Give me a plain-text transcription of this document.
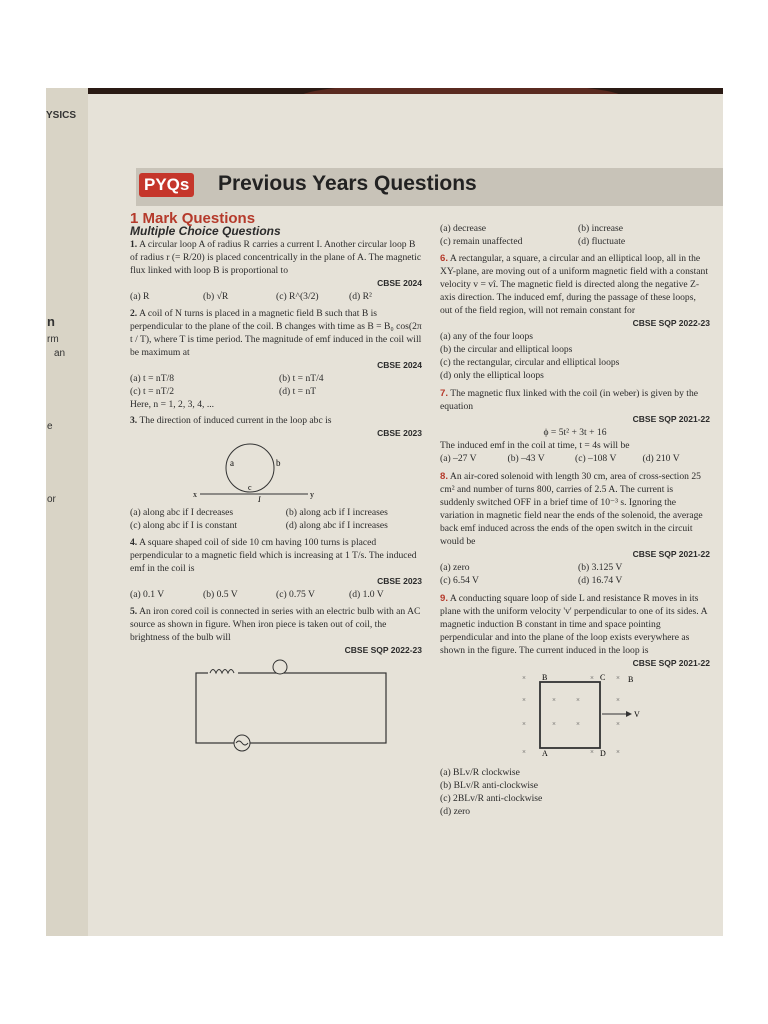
YSICS
n
rm
an
e
or
PYQs Previous Years Questions

1 Mark Questions

Multiple Choice Questions

1. A circular loop A of radius R carries a current I. Another circular loop B of radius r (= R/20) is placed concentrically in the plane of A. The magnetic flux linked with loop B is proportional to

CBSE 2024

(a) R	(b) √R	(c) R^(3/2)	(d) R²

2. A coil of N turns is placed in a magnetic field B such that B is perpendicular to the plane of the coil. B changes with time as B = B₀ cos(2π t / T), where T is time period. The magnitude of emf induced in the coil will be maximum at

CBSE 2024

(a) t = nT/8	(b) t = nT/4
(c) t = nT/2	(d) t = nT

Here, n = 1, 2, 3, 4, ...

3. The direction of induced current in the loop abc is

CBSE 2023

a	b
c
x	y
I
(a) along abc if I decreases	(b) along acb if I increases
(c) along abc if I is constant	(d) along abc if I increases

4. A square shaped coil of side 10 cm having 100 turns is placed perpendicular to a magnetic field which is increasing at 1 T/s. The induced emf in the coil is

CBSE 2023

(a) 0.1 V	(b) 0.5 V	(c) 0.75 V	(d) 1.0 V

5. An iron cored coil is connected in series with an electric bulb with an AC source as shown in figure. When iron piece is taken out of coil, the brightness of the bulb will

CBSE SQP 2022-23

(a) decrease	(b) increase
(c) remain unaffected	(d) fluctuate

6. A rectangular, a square, a circular and an elliptical loop, all in the XY-plane, are moving out of a uniform magnetic field with a constant velocity v = vî. The magnetic field is directed along the negative Z-axis direction. The induced emf, during the passage of these loops, out of the field region, will not remain constant for

CBSE SQP 2022-23

(a) any of the four loops

(b) the circular and elliptical loops

(c) the rectangular, circular and elliptical loops

(d) only the elliptical loops

7. The magnetic flux linked with the coil (in weber) is given by the equation

CBSE SQP 2021-22

ϕ = 5t² + 3t + 16

The induced emf in the coil at time, t = 4s will be

(a) –27 V	(b) –43 V	(c) –108 V	(d) 210 V

8. An air-cored solenoid with length 30 cm, area of cross-section 25 cm² and number of turns 800, carries of 2.5 A. The current is suddenly switched OFF in a brief time of 10⁻³ s. Ignoring the variation in magnetic field near the ends of the solenoid, the average back emf induced across the ends of the open switch in the circuit would be

CBSE SQP 2021-22

(a) zero	(b) 3.125 V
(c) 6.54 V	(d) 16.74 V

9. A conducting square loop of side L and resistance R moves in its plane with the uniform velocity 'v' perpendicular to one of its sides. A magnetic induction B constant in time and space pointing perpendicular and into the plane of the loop exists everywhere as shown in the figure. The current induced in the loop is

CBSE SQP 2021-22

×	×	×
×	×	×	×
×	×	×	×
×	×	×
B	C	B
A	D
V

(a) BLv/R clockwise

(b) BLv/R anti-clockwise

(c) 2BLv/R anti-clockwise

(d) zero
